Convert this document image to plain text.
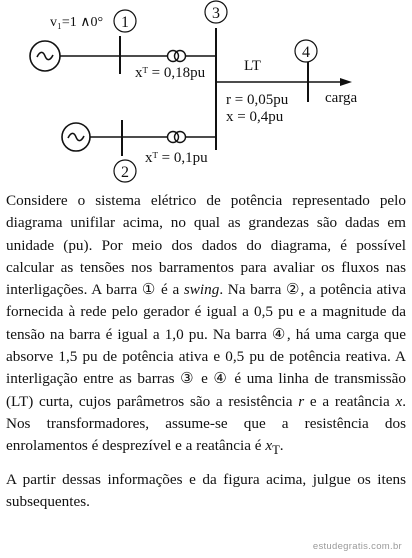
1
v₁=1 ∧0°
xᵀ = 0,18pu
3
LT
carga
r = 0,05pu
x = 0,4pu
4
2
xᵀ = 0,1pu

Considere o sistema elétrico de potência representado pelo diagrama unifilar acima, no qual as grandezas são dadas em unidade (pu). Por meio dos dados do diagrama, é possível calcular as tensões nos barramentos para avaliar os fluxos nas interligações. A barra ① é a swing. Na barra ②, a potência ativa fornecida à rede pelo gerador é igual a 0,5 pu e a magnitude da tensão na barra é igual a 1,0 pu. Na barra ④, há uma carga que absorve 1,5 pu de potência ativa e 0,5 pu de potência reativa. A interligação entre as barras ③ e ④ é uma linha de transmissão (LT) curta, cujos parâmetros são a resistência r e a reatância x. Nos transformadores, assume-se que a resistência dos enrolamentos é desprezível e a reatância é $x_T$.

A partir dessas informações e da figura acima, julgue os itens subsequentes.

estudegratis.com.br
